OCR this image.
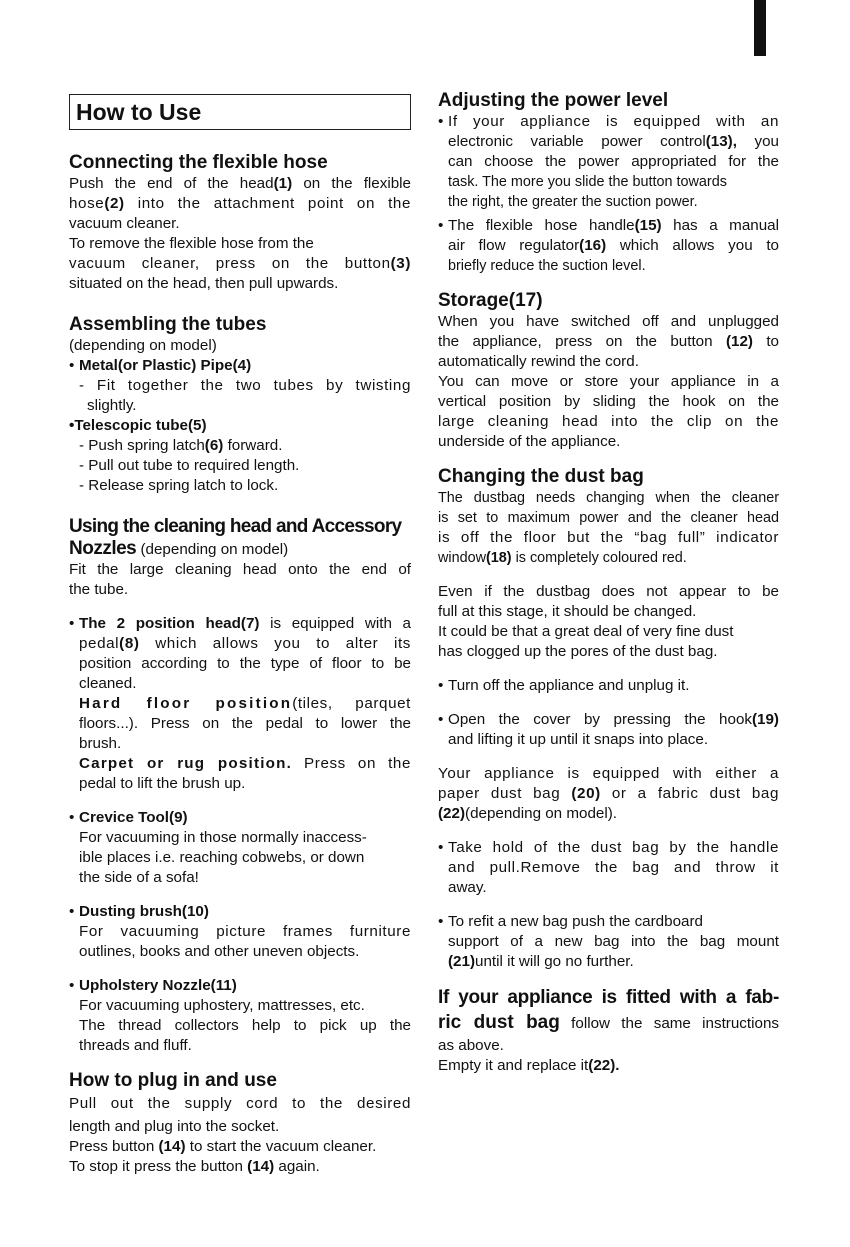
How to Use
Connecting the flexible hose

Push the end of the head(1) on the flexible

hose(2) into the attachment point on the

vacuum cleaner.

To remove the flexible hose from the

vacuum cleaner, press on the button(3)

situated on the head, then pull upwards.

Assembling the tubes

(depending on model)

• Metal(or Plastic) Pipe(4)

- Fit together the two tubes by twisting

slightly.

•Telescopic tube(5)

- Push spring latch(6) forward.

- Pull out tube to required length.

- Release spring latch to lock.

Using the cleaning head and Accessory

Nozzles (depending on model)

Fit the large cleaning head onto the end of

the tube.

• The 2 position head(7) is equipped with a

pedal(8) which allows you to alter its

position according to the type of floor to be

cleaned.

Hard floor position(tiles, parquet

floors...). Press on the pedal to lower the

brush.

Carpet or rug position. Press on the

pedal to lift the brush up.

• Crevice Tool(9)

For vacuuming in those normally inaccess-

ible places i.e. reaching cobwebs, or down

the side of a sofa!

• Dusting brush(10)

For vacuuming picture frames furniture

outlines, books and other uneven objects.

• Upholstery Nozzle(11)

For vacuuming uphostery, mattresses, etc.

The thread collectors help to pick up the

threads and fluff.

How to plug in and use

Pull out the supply cord to the desired

length and plug into the socket.

Press button (14) to start the vacuum cleaner.

To stop it press the button (14) again.

Adjusting the power level

• If your appliance is equipped with an

electronic variable power control(13), you

can choose the power appropriated for the

task. The more you slide the button towards

the right, the greater the suction power.

• The flexible hose handle(15) has a manual

air flow regulator(16) which allows you to

briefly reduce the suction level.

Storage(17)

When you have switched off and unplugged

the appliance, press on the button (12) to

automatically rewind the cord.

You can move or store your appliance in a

vertical position by sliding the hook on the

large cleaning head into the clip on the

underside of the appliance.

Changing the dust bag

The dustbag needs changing when the cleaner

is set to maximum power and the cleaner head

is off the floor but the “bag full” indicator

window(18) is completely coloured red.

Even if the dustbag does not appear to be

full at this stage, it should be changed.

It could be that a great deal of very fine dust

has clogged up the pores of the dust bag.

• Turn off the appliance and unplug it.

• Open the cover by pressing the hook(19)

and lifting it up until it snaps into place.

Your appliance is equipped with either a

paper dust bag (20) or a fabric dust bag

(22)(depending on model).

• Take hold of the dust bag by the handle

and pull.Remove the bag and throw it

away.

• To refit a new bag push the cardboard

support of a new bag into the bag mount

(21)until it will go no further.

If your appliance is fitted with a fab-

ric dust bag follow the same instructions

as above.

Empty it and replace it(22).
